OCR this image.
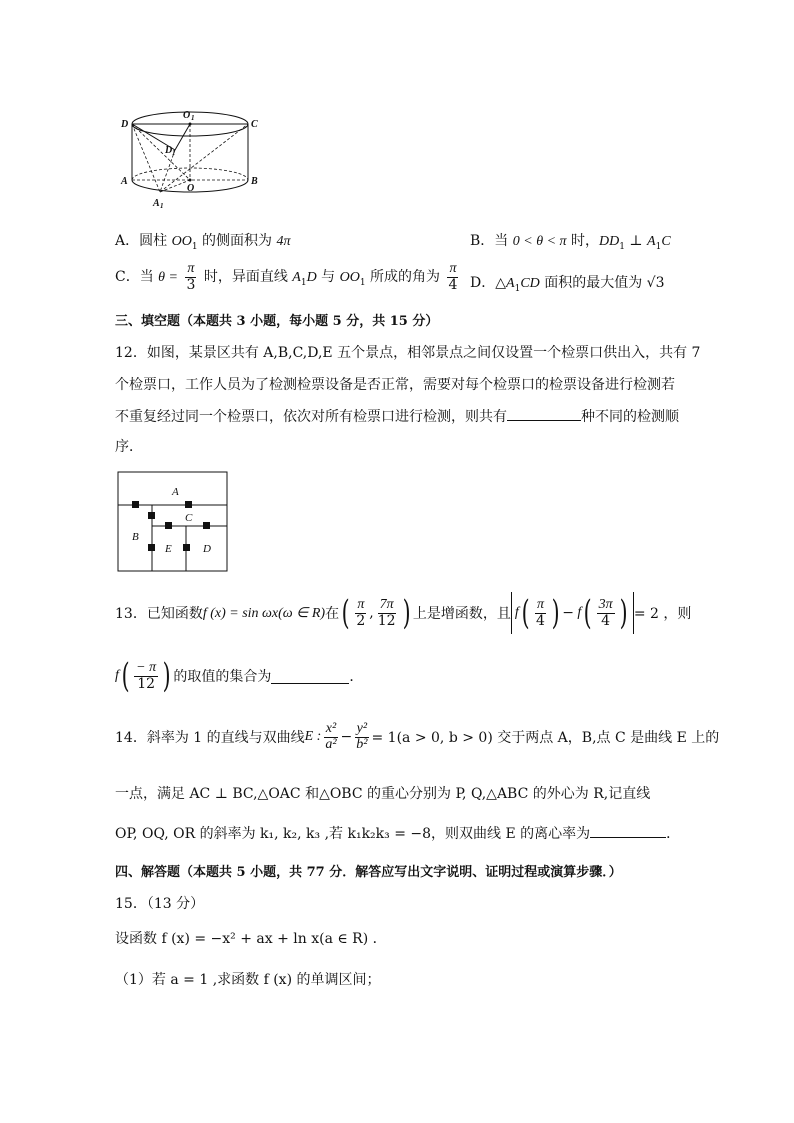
D	C
O 1
D 1
A	B
O
A 1
A．圆柱 $OO_1$ 的侧面积为 4π	B．当 0 < θ < π 时，$DD_1$ ⊥ $A_1C$
C．当 $\theta = \frac{\pi}{3}$ 时，异面直线 $A_1D$ 与 $OO_1$ 所成的角为 $\frac{\pi}{4}$ D．$\triangle A_1CD$ 面积的最大值为 √3
三、填空题（本题共 3 小题，每小题 5 分，共 15 分）
12．如图，某景区共有 A,B,C,D,E 五个景点，相邻景点之间仅设置一个检票口供出入，共有 7
个检票口，工作人员为了检测检票设备是否正常，需要对每个检票口的检票设备进行检测若
不重复经过同一个检票口，依次对所有检票口进行检测，则共有	种不同的检测顺
序．
A
B
C
D
E
13．已知函数 f (x) = sin ωx(ω ∈ R) 在 ( $\frac{\pi}{2}$ , $\frac{7\pi}{12}$ ) 上是增函数，且 f ( $\frac{\pi}{4}$ ) − f ( $\frac{3\pi}{4}$ ) = 2 ，则
f ( $\frac{- \pi}{12}$ ) 的取值的集合为	．
14．斜率为 1 的直线与双曲线 E : $\frac{\text{x²}}{\text{a²}} - \frac{\text{y²}}{\text{b²}} = 1(a > 0$, b > 0) 交于两点 A，B,点 C 是曲线 E 上的
一点，满足 AC ⊥ BC,△OAC 和△OBC 的重心分别为 P, Q,△ABC 的外心为 R,记直线
OP, OQ, OR 的斜率为 k₁, k₂, k₃ ,若 k₁k₂k₃ = −8，则双曲线 E 的离心率为	．
四、解答题（本题共 5 小题，共 77 分．解答应写出文字说明、证明过程或演算步骤．）
15．（13 分）
设函数 f (x) = −x² + ax + ln x(a ∈ R) ．
（1）若 a = 1 ,求函数 f (x) 的单调区间；
